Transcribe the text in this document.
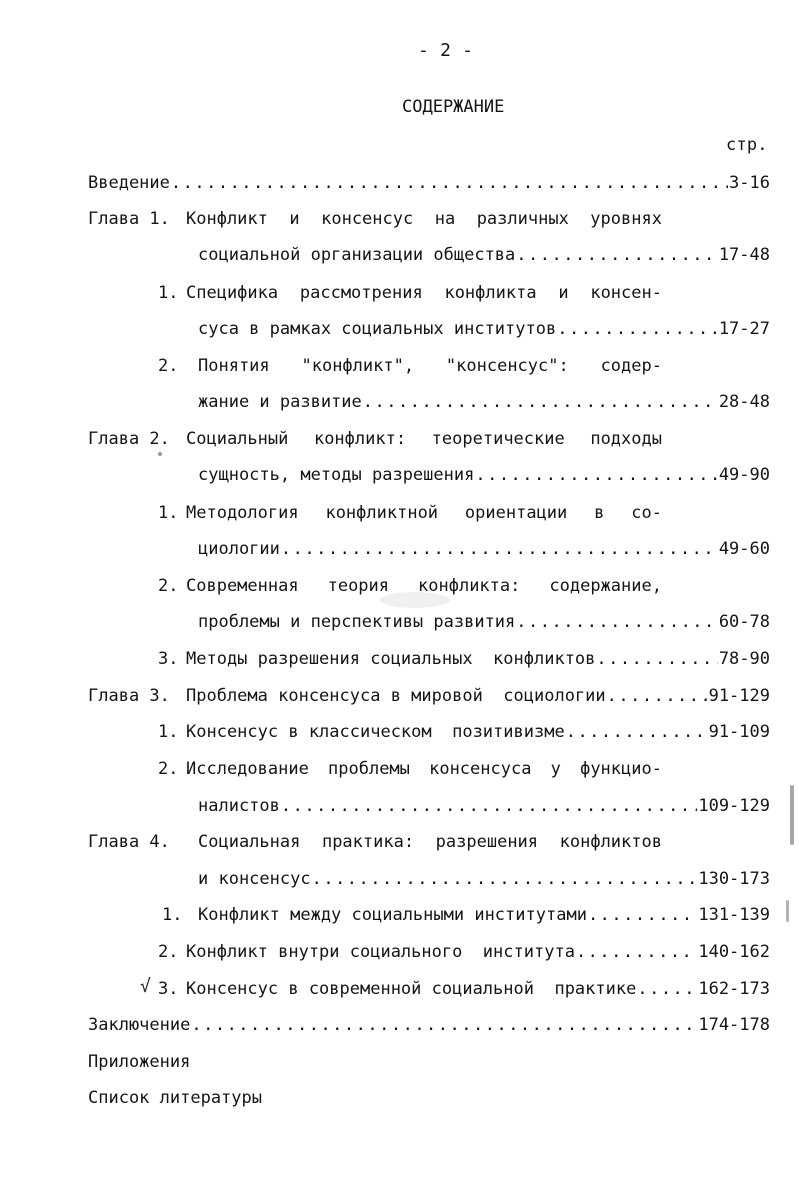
- 2 -
СОДЕРЖАНИЕ
стр.
Введение .....	3-16
Глава 1. Конфликт и консенсус на различных уровнях
социальной организации общества .....	17-48
1. Специфика рассмотрения конфликта и консен-
суса в рамках социальных институтов .....	17-27
2. Понятия "конфликт", "консенсус": содер-
жание и развитие .....	28-48
Глава 2. Социальный конфликт: теоретические подходы
сущность, методы разрешения .....	49-90
1. Методология конфликтной ориентации в со-
циологии .....	49-60
2. Современная теория конфликта: содержание,
проблемы и перспективы развития .....	60-78
3. Методы разрешения социальных  конфликтов .....	78-90
Глава 3. Проблема консенсуса в мировой  социологии .....	91-129
1. Консенсус в классическом  позитивизме .....	91-109
2. Исследование проблемы консенсуса у функцио-
налистов .....	109-129
Глава 4. Социальная практика: разрешения конфликтов
и консенсус .....	130-173
1. Конфликт между социальными институтами .....	131-139
2. Конфликт внутри социального  института .....	140-162
√ 3. Консенсус в современной социальной  практике .....	162-173
Заключение .....	174-178
Приложения
Список литературы
